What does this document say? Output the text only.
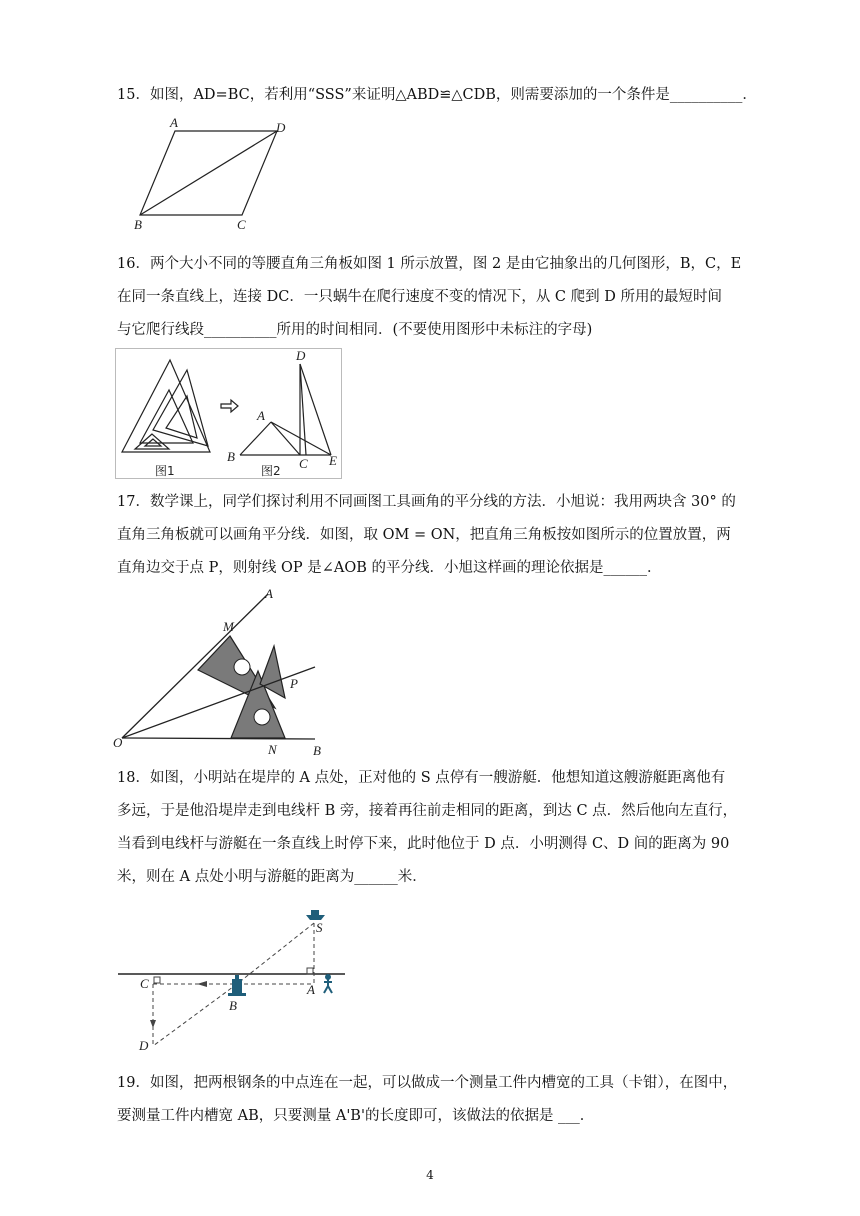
15．如图，AD=BC，若利用“SSS”来证明△ABD≌△CDB，则需要添加的一个条件是__________．
A	D
B	C
16．两个大小不同的等腰直角三角板如图 1 所示放置，图 2 是由它抽象出的几何图形，B，C，E
在同一条直线上，连接 DC．一只蜗牛在爬行速度不变的情况下，从 C 爬到 D 所用的最短时间
与它爬行线段__________所用的时间相同．(不要使用图形中未标注的字母)
D
A
B	C E
图1	图2
17．数学课上，同学们探讨利用不同画图工具画角的平分线的方法．小旭说：我用两块含 30° 的
直角三角板就可以画角平分线．如图，取 OM = ON，把直角三角板按如图所示的位置放置，两
直角边交于点 P，则射线 OP 是∠AOB 的平分线．小旭这样画的理论依据是______．
A
M
P
O	N	B
18．如图，小明站在堤岸的 A 点处，正对他的 S 点停有一艘游艇．他想知道这艘游艇距离他有
多远，于是他沿堤岸走到电线杆 B 旁，接着再往前走相同的距离，到达 C 点．然后他向左直行，
当看到电线杆与游艇在一条直线上时停下来，此时他位于 D 点．小明测得 C、D 间的距离为 90
米，则在 A 点处小明与游艇的距离为______米．
S
C	A
B
D
19．如图，把两根钢条的中点连在一起，可以做成一个测量工件内槽宽的工具（卡钳），在图中，
要测量工件内槽宽 AB，只要测量 A'B'的长度即可，该做法的依据是 ___．
4
